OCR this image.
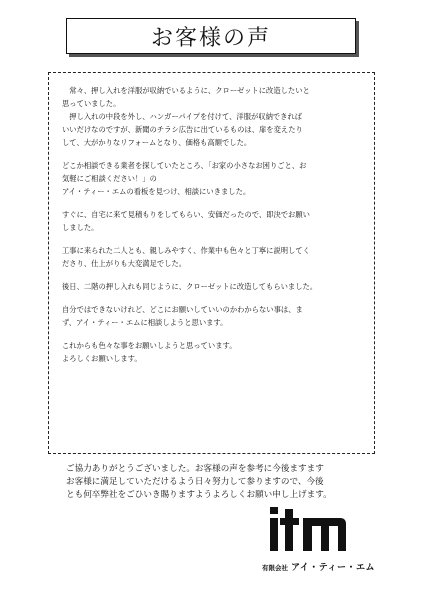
お客様の声

　常々、押し入れを洋服が収納でいるように、クローゼットに改造したいと
思っていました。
　押し入れの中段を外し、ハンガーパイプを付けて、洋服が収納できれば
いいだけなのですが、新聞のチラシ広告に出ているものは、扉を変えたり
して、大がかりなリフォームとなり、価格も高額でした。

どこか相談できる業者を探していたところ、「お家の小さなお困りごと、お
気軽にご相談ください！」の
アイ・ティー・エムの看板を見つけ、相談にいきました。

すぐに、自宅に来て見積もりをしてもらい、安価だったので、即決でお願い
しました。

工事に来られた二人とも、親しみやすく、作業中も色々と丁寧に説明してく
ださり、仕上がりも大変満足でした。

後日、二階の押し入れも同じように、クローゼットに改造してもらいました。

自分ではできないけれど、どこにお願いしていいのかわからない事は、ま
ず、アイ・ティー・エムに相談しようと思います。

これからも色々な事をお願いしようと思っています。
よろしくお願いします。

ご協力ありがとうございました。お客様の声を参考に今後ますます
お客様に満足していただけるよう日々努力して参りますので、今後
とも何卒弊社をごひいき賜りますようよろしくお願い申し上げます。
有限会社 アイ・ティー・エム
